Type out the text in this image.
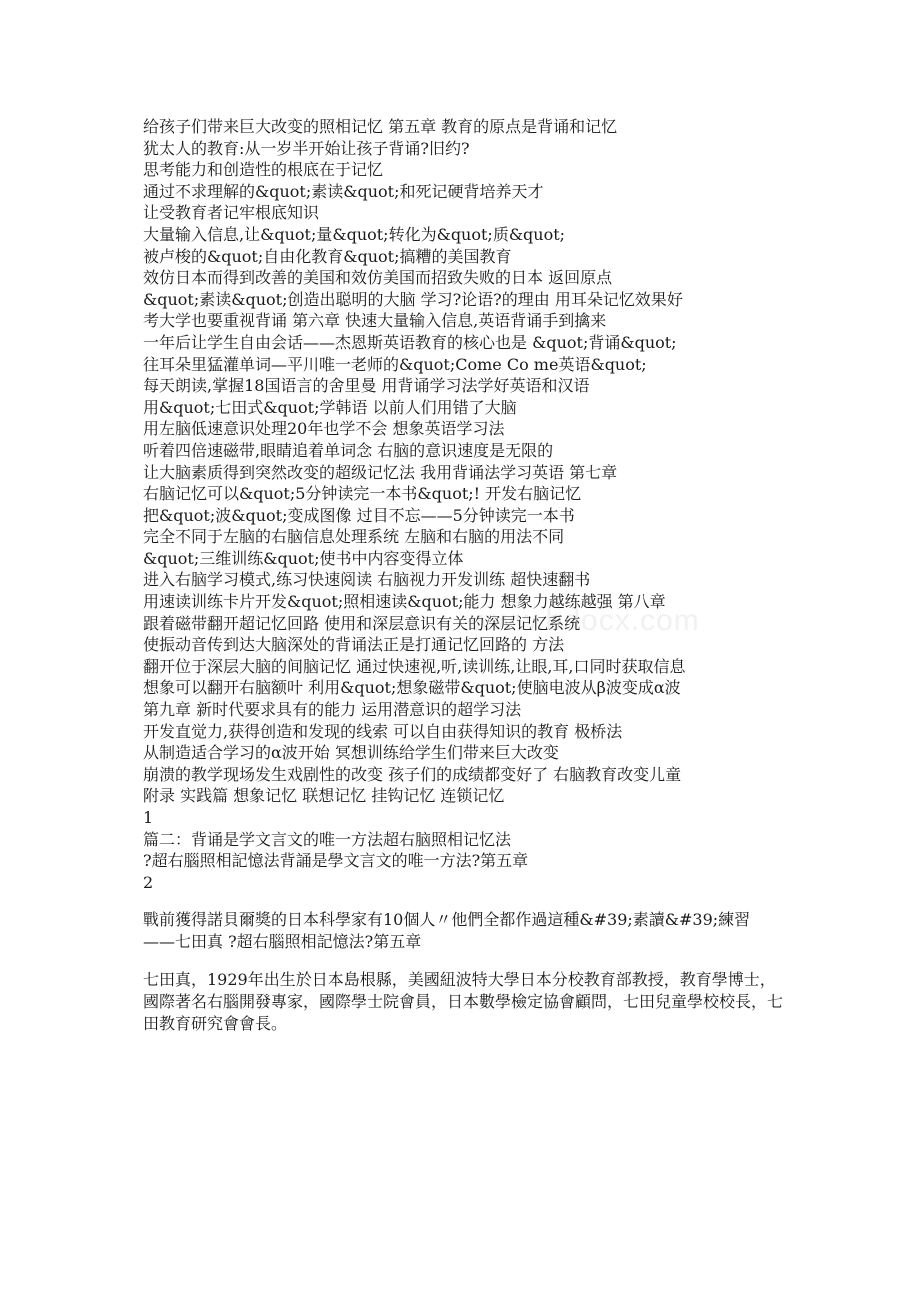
www.bdocx.com
给孩子们带来巨大改变的照相记忆 第五章 教育的原点是背诵和记忆
犹太人的教育:从一岁半开始让孩子背诵?旧约?
思考能力和创造性的根底在于记忆
通过不求理解的&quot;素读&quot;和死记硬背培养天才
让受教育者记牢根底知识
大量输入信息,让&quot;量&quot;转化为&quot;质&quot;
被卢梭的&quot;自由化教育&quot;搞糟的美国教育
效仿日本而得到改善的美国和效仿美国而招致失败的日本 返回原点
&quot;素读&quot;创造出聪明的大脑 学习?论语?的理由 用耳朵记忆效果好
考大学也要重视背诵 第六章 快速大量输入信息,英语背诵手到擒来
一年后让学生自由会话——杰恩斯英语教育的核心也是 &quot;背诵&quot;
往耳朵里猛灌单词—平川唯一老师的&quot;Come Co me英语&quot;
每天朗读,掌握18国语言的舍里曼 用背诵学习法学好英语和汉语
用&quot;七田式&quot;学韩语 以前人们用错了大脑
用左脑低速意识处理20年也学不会 想象英语学习法
听着四倍速磁带,眼睛追着单词念 右脑的意识速度是无限的
让大脑素质得到突然改变的超级记忆法 我用背诵法学习英语 第七章
右脑记忆可以&quot;5分钟读完一本书&quot;! 开发右脑记忆
把&quot;波&quot;变成图像 过目不忘——5分钟读完一本书
完全不同于左脑的右脑信息处理系统 左脑和右脑的用法不同
&quot;三维训练&quot;使书中内容变得立体
进入右脑学习模式,练习快速阅读 右脑视力开发训练 超快速翻书
用速读训练卡片开发&quot;照相速读&quot;能力 想象力越练越强 第八章
跟着磁带翻开超记忆回路 使用和深层意识有关的深层记忆系统
使振动音传到达大脑深处的背诵法正是打通记忆回路的 方法
翻开位于深层大脑的间脑记忆 通过快速视,听,读训练,让眼,耳,口同时获取信息
想象可以翻开右脑额叶 利用&quot;想象磁带&quot;使脑电波从β波变成α波
第九章 新时代要求具有的能力 运用潜意识的超学习法
开发直觉力,获得创造和发现的线索 可以自由获得知识的教育 极桥法
从制造适合学习的α波开始 冥想训练给学生们带来巨大改变
崩溃的教学现场发生戏剧性的改变 孩子们的成绩都变好了 右脑教育改变儿童
附录 实践篇 想象记忆 联想记忆 挂钩记忆 连锁记忆
1
篇二：背诵是学文言文的唯一方法超右脑照相记忆法
?超右腦照相記憶法背誦是學文言文的唯一方法?第五章
2
戰前獲得諾貝爾獎的日本科學家有10個人〃他們全都作過這種&#39;素讀&#39;練習
——七田真 ?超右腦照相記憶法?第五章
七田真，1929年出生於日本島根縣，美國紐波特大學日本分校教育部教授，教育學博士，國際著名右腦開發專家，國際學士院會員，日本數學檢定協會顧問，七田兒童學校校長，七田教育研究會會長。
